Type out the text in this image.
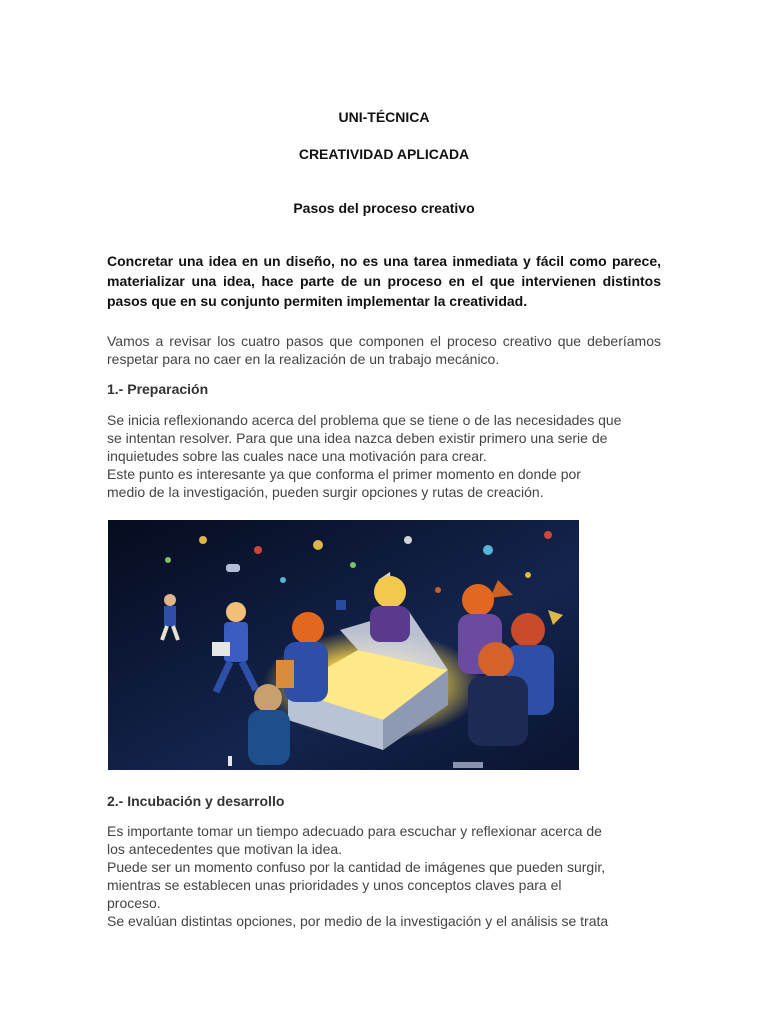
UNI-TÉCNICA
CREATIVIDAD APLICADA
Pasos del proceso creativo

Concretar una idea en un diseño, no es una tarea inmediata y fácil como parece, materializar una idea, hace parte de un proceso en el que intervienen distintos pasos que en su conjunto permiten implementar la creatividad.

Vamos a revisar los cuatro pasos que componen el proceso creativo que deberíamos respetar para no caer en la realización de un trabajo mecánico.

1.- Preparación

Se inicia reflexionando acerca del problema que se tiene o de las necesidades que
se intentan resolver. Para que una idea nazca deben existir primero una serie de
inquietudes sobre las cuales nace una motivación para crear.
Este punto es interesante ya que conforma el primer momento en donde por
medio de la investigación, pueden surgir opciones y rutas de creación.

2.- Incubación y desarrollo

Es importante tomar un tiempo adecuado para escuchar y reflexionar acerca de
los antecedentes que motivan la idea.
Puede ser un momento confuso por la cantidad de imágenes que pueden surgir,
mientras se establecen unas prioridades y unos conceptos claves para el
proceso.
Se evalúan distintas opciones, por medio de la investigación y el análisis se trata
